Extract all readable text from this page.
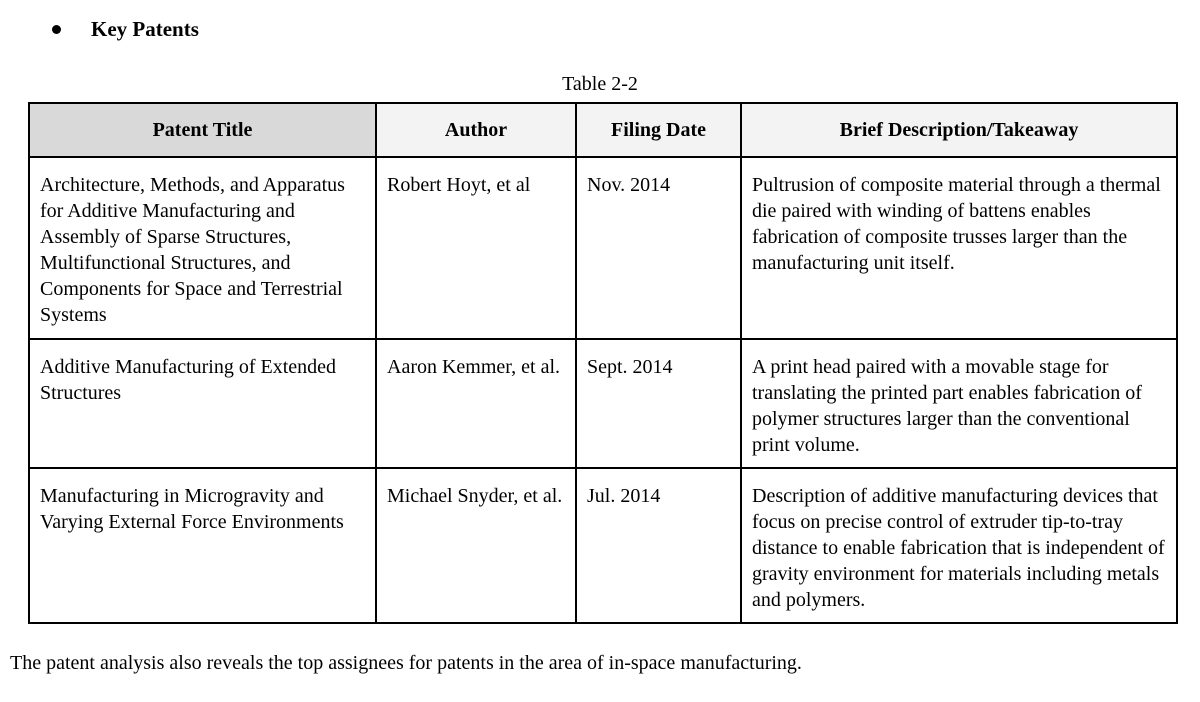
Key Patents
Table 2-2
Patent Title	Author	Filing Date	Brief Description/Takeaway
Architecture, Methods, and Apparatus for Additive Manufacturing and Assembly of Sparse Structures, Multifunctional Structures, and Components for Space and Terrestrial Systems	Robert Hoyt, et al	Nov. 2014	Pultrusion of composite material through a thermal die paired with winding of battens enables fabrication of composite trusses larger than the manufacturing unit itself.
Additive Manufacturing of Extended Structures	Aaron Kemmer, et al.	Sept. 2014	A print head paired with a movable stage for translating the printed part enables fabrication of polymer structures larger than the conventional print volume.
Manufacturing in Microgravity and Varying External Force Environments	Michael Snyder, et al.	Jul. 2014	Description of additive manufacturing devices that focus on precise control of extruder tip-to-tray distance to enable fabrication that is independent of gravity environment for materials including metals and polymers.
The patent analysis also reveals the top assignees for patents in the area of in-space manufacturing.
